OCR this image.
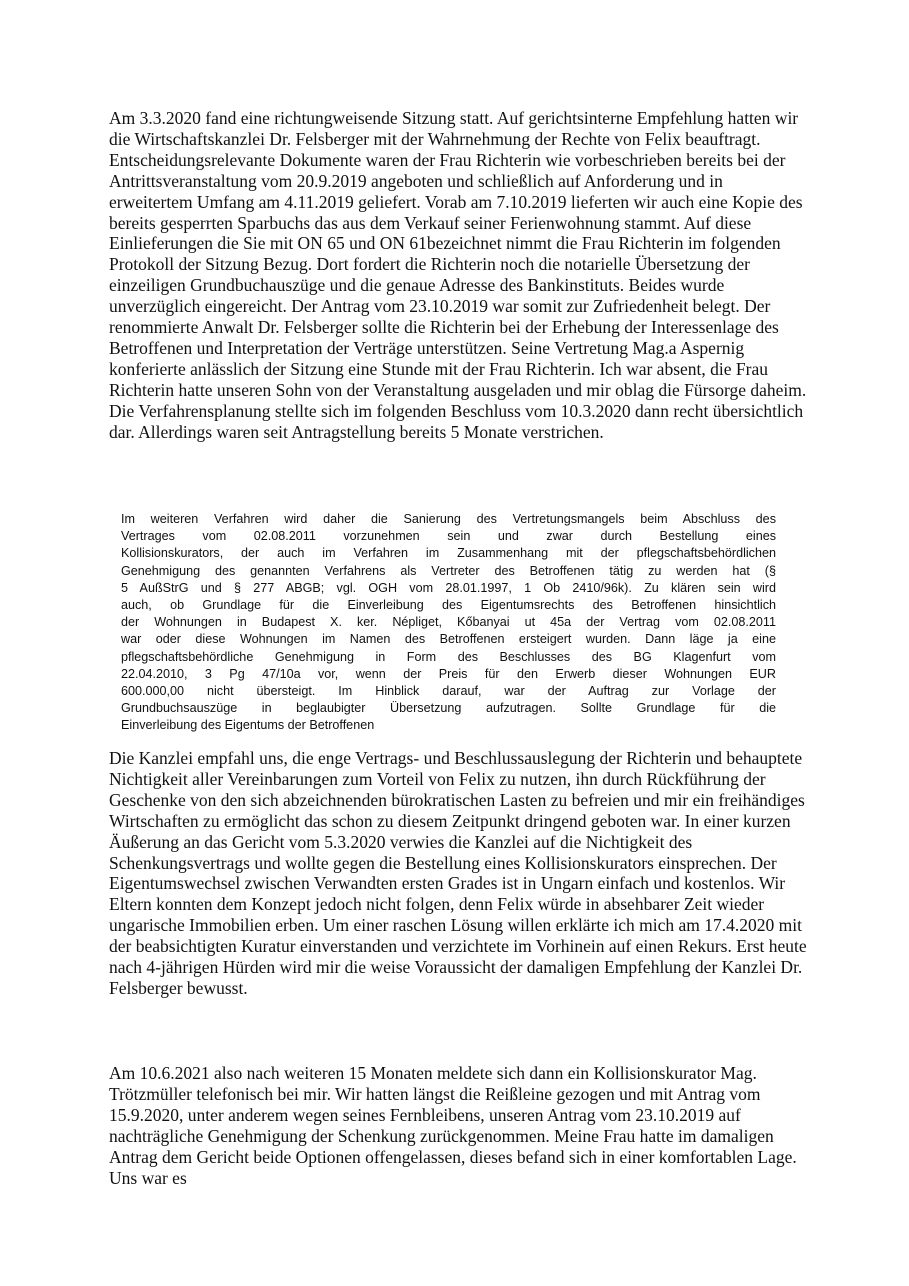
Am 3.3.2020 fand eine richtungweisende Sitzung statt. Auf gerichtsinterne Empfehlung hatten wir die Wirtschaftskanzlei Dr. Felsberger mit der Wahrnehmung der Rechte von Felix beauftragt. Entscheidungsrelevante Dokumente waren der Frau Richterin wie vorbeschrieben bereits bei der Antrittsveranstaltung vom 20.9.2019 angeboten und schließlich auf Anforderung und in erweitertem Umfang am 4.11.2019 geliefert. Vorab am 7.10.2019 lieferten wir auch eine Kopie des bereits gesperrten Sparbuchs das aus dem Verkauf seiner Ferienwohnung stammt. Auf diese Einlieferungen die Sie mit ON 65 und ON 61bezeichnet nimmt die Frau Richterin im folgenden Protokoll der Sitzung Bezug. Dort fordert die Richterin noch die notarielle Übersetzung der einzeiligen Grundbuchauszüge und die genaue Adresse des Bankinstituts. Beides wurde unverzüglich eingereicht. Der Antrag vom 23.10.2019 war somit zur Zufriedenheit belegt. Der renommierte Anwalt Dr. Felsberger sollte die Richterin bei der Erhebung der Interessenlage des Betroffenen und Interpretation der Verträge unterstützen. Seine Vertretung Mag.a Aspernig konferierte anlässlich der Sitzung eine Stunde mit der Frau Richterin. Ich war absent, die Frau Richterin hatte unseren Sohn von der Veranstaltung ausgeladen und mir oblag die Fürsorge daheim. Die Verfahrensplanung stellte sich im folgenden Beschluss vom 10.3.2020 dann recht übersichtlich dar. Allerdings waren seit Antragstellung bereits 5 Monate verstrichen.

Im weiteren Verfahren wird daher die Sanierung des Vertretungsmangels beim Abschluss des
Vertrages vom 02.08.2011 vorzunehmen sein und zwar durch Bestellung eines
Kollisionskurators, der auch im Verfahren im Zusammenhang mit der pflegschaftsbehördlichen
Genehmigung des genannten Verfahrens als Vertreter des Betroffenen tätig zu werden hat (§
5 AußStrG und § 277 ABGB; vgl. OGH vom 28.01.1997, 1 Ob 2410/96k). Zu klären sein wird
auch, ob Grundlage für die Einverleibung des Eigentumsrechts des Betroffenen hinsichtlich
der Wohnungen in Budapest X. ker. Népliget, Kőbanyai ut 45a der Vertrag vom 02.08.2011
war oder diese Wohnungen im Namen des Betroffenen ersteigert wurden. Dann läge ja eine
pflegschaftsbehördliche Genehmigung in Form des Beschlusses des BG Klagenfurt vom
22.04.2010, 3 Pg 47/10a vor, wenn der Preis für den Erwerb dieser Wohnungen EUR
600.000,00 nicht übersteigt. Im Hinblick darauf, war der Auftrag zur Vorlage der
Grundbuchsauszüge in beglaubigter Übersetzung aufzutragen. Sollte Grundlage für die
Einverleibung des Eigentums der Betroffenen

Die Kanzlei empfahl uns, die enge Vertrags- und Beschlussauslegung der Richterin und behauptete Nichtigkeit aller Vereinbarungen zum Vorteil von Felix zu nutzen, ihn durch Rückführung der Geschenke von den sich abzeichnenden bürokratischen Lasten zu befreien und mir ein freihändiges Wirtschaften zu ermöglicht das schon zu diesem Zeitpunkt dringend geboten war. In einer kurzen Äußerung an das Gericht vom 5.3.2020 verwies die Kanzlei auf die Nichtigkeit des Schenkungsvertrags und wollte gegen die Bestellung eines Kollisionskurators einsprechen. Der Eigentumswechsel zwischen Verwandten ersten Grades ist in Ungarn einfach und kostenlos. Wir Eltern konnten dem Konzept jedoch nicht folgen, denn Felix würde in absehbarer Zeit wieder ungarische Immobilien erben. Um einer raschen Lösung willen erklärte ich mich am 17.4.2020 mit der beabsichtigten Kuratur einverstanden und verzichtete im Vorhinein auf einen Rekurs. Erst heute nach 4-jährigen Hürden wird mir die weise Voraussicht der damaligen Empfehlung der Kanzlei Dr. Felsberger bewusst.

Am 10.6.2021 also nach weiteren 15 Monaten meldete sich dann ein Kollisionskurator Mag. Trötzmüller telefonisch bei mir. Wir hatten längst die Reißleine gezogen und mit Antrag vom 15.9.2020, unter anderem wegen seines Fernbleibens, unseren Antrag vom 23.10.2019 auf nachträgliche Genehmigung der Schenkung zurückgenommen. Meine Frau hatte im damaligen Antrag dem Gericht beide Optionen offengelassen, dieses befand sich in einer komfortablen Lage. Uns war es
